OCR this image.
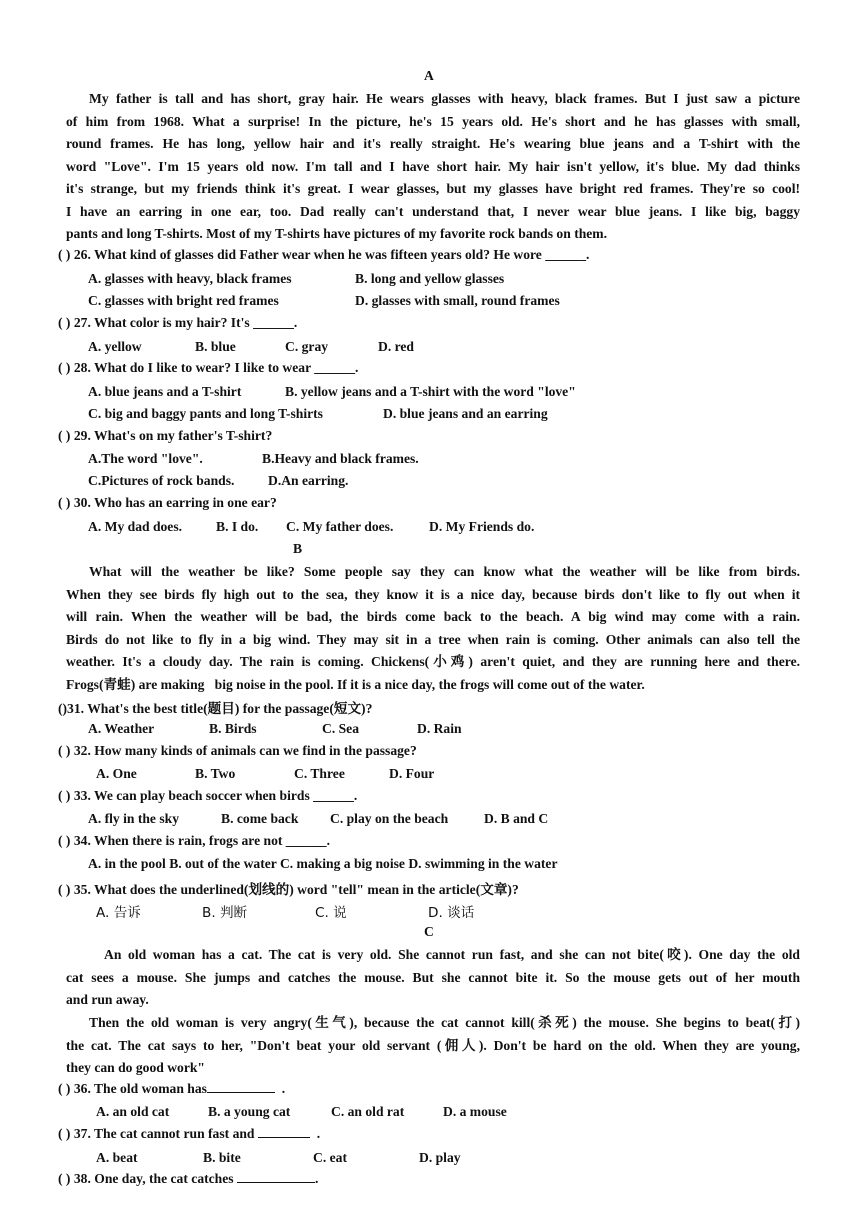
A
My father is tall and has short, gray hair. He wears glasses with heavy, black frames. But I just saw a picture
of him from 1968. What a surprise! In the picture, he's 15 years old. He's short and he has glasses with small,
round frames. He has long, yellow hair and it's really straight. He's wearing blue jeans and a T-shirt with the
word "Love". I'm 15 years old now. I'm tall and I have short hair. My hair isn't yellow, it's blue. My dad thinks
it's strange, but my friends think it's great. I wear glasses, but my glasses have bright red frames. They're so cool!
I have an earring in one ear, too. Dad really can't understand that, I never wear blue jeans. I like big, baggy
pants and long T-shirts. Most of my T-shirts have pictures of my favorite rock bands on them.
( ) 26. What kind of glasses did Father wear when he was fifteen years old? He wore ______.
A. glasses with heavy, black frames	B. long and yellow glasses
C. glasses with bright red frames	D. glasses with small, round frames
( ) 27. What color is my hair? It's ______.
A. yellow	B. blue	C. gray	D. red
( ) 28. What do I like to wear? I like to wear ______.
A. blue jeans and a T-shirt	B. yellow jeans and a T-shirt with the word "love"
C. big and baggy pants and long T-shirts	D. blue jeans and an earring
( ) 29. What's on my father's T-shirt?
A.The word "love".	B.Heavy and black frames.
C.Pictures of rock bands. D.An earring.
( ) 30. Who has an earring in one ear?
A. My dad does. B. I do. C. My father does.	D. My Friends do.
B
What will the weather be like? Some people say they can know what the weather will be like from birds.
When they see birds fly high out to the sea, they know it is a nice day, because birds don't like to fly out when it
will rain. When the weather will be bad, the birds come back to the beach. A big wind may come with a rain.
Birds do not like to fly in a big wind. They may sit in a tree when rain is coming. Other animals can also tell the
weather. It's a cloudy day. The rain is coming. Chickens(小鸡) aren't quiet, and they are running here and there.
Frogs(青蛙) are making   big noise in the pool. If it is a nice day, the frogs will come out of the water.
()31. What's the best title(题目) for the passage(短文)?
A. Weather	B. Birds	C. Sea	D. Rain
( ) 32. How many kinds of animals can we find in the passage?
A. One	B. Two	C. Three	D. Four
( ) 33. We can play beach soccer when birds ______.
A. fly in the sky	B. come back C. play on the beach	D. B and C
( ) 34. When there is rain, frogs are not ______.
A. in the pool B. out of the water C. making a big noise D. swimming in the water
( ) 35. What does the underlined(划线的) word "tell" mean in the article(文章)?
A. 告诉	B. 判断	C. 说	D. 谈话
C
An old woman has a cat. The cat is very old. She cannot run fast, and she can not bite(咬). One day the old
cat sees a mouse. She jumps and catches the mouse. But she cannot bite it. So the mouse gets out of her mouth
and run away.
Then the old woman is very angry(生气), because the cat cannot kill(杀死) the mouse. She begins to beat(打)
the cat. The cat says to her, "Don't beat your old servant (佣人). Don't be hard on the old. When they are young,
they can do good work"
( ) 36. The old woman has	.
A. an old cat	B. a young cat	C. an old rat	D. a mouse
( ) 37. The cat cannot run fast and	.
A. beat	B. bite	C. eat	D. play
( ) 38. One day, the cat catches	.
